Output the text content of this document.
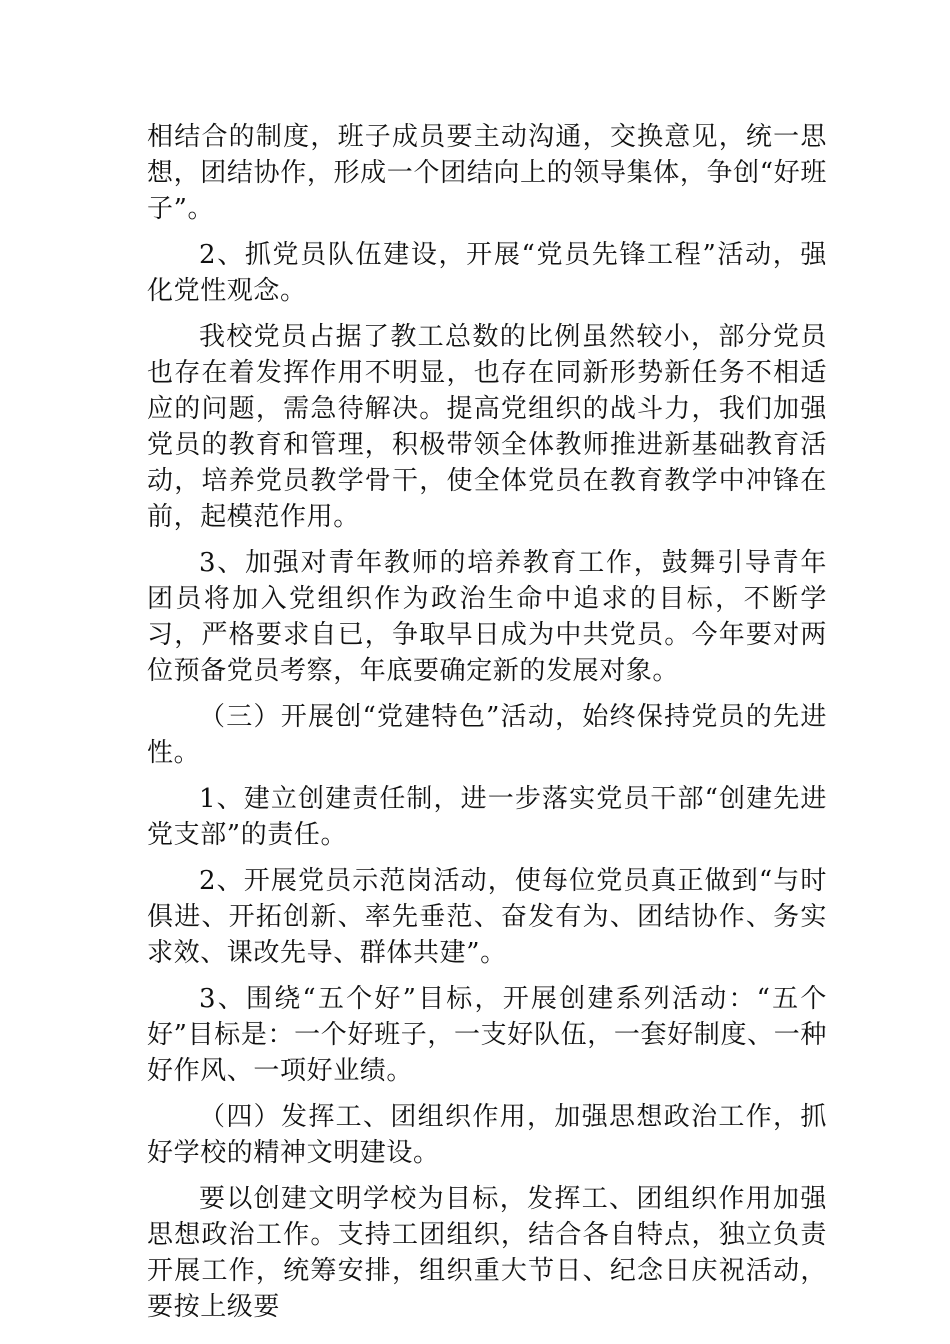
相结合的制度，班子成员要主动沟通，交换意见，统一思想，团结协作，形成一个团结向上的领导集体，争创“好班子”。

2、抓党员队伍建设，开展“党员先锋工程”活动，强化党性观念。

我校党员占据了教工总数的比例虽然较小，部分党员也存在着发挥作用不明显，也存在同新形势新任务不相适应的问题，需急待解决。提高党组织的战斗力，我们加强党员的教育和管理，积极带领全体教师推进新基础教育活动，培养党员教学骨干，使全体党员在教育教学中冲锋在前，起模范作用。

3、加强对青年教师的培养教育工作，鼓舞引导青年团员将加入党组织作为政治生命中追求的目标，不断学习，严格要求自已，争取早日成为中共党员。今年要对两位预备党员考察，年底要确定新的发展对象。

（三）开展创“党建特色”活动，始终保持党员的先进性。

1、建立创建责任制，进一步落实党员干部“创建先进党支部”的责任。

2、开展党员示范岗活动，使每位党员真正做到“与时俱进、开拓创新、率先垂范、奋发有为、团结协作、务实求效、课改先导、群体共建”。

3、围绕“五个好”目标，开展创建系列活动：“五个好”目标是：一个好班子，一支好队伍，一套好制度、一种好作风、一项好业绩。

（四）发挥工、团组织作用，加强思想政治工作，抓好学校的精神文明建设。

要以创建文明学校为目标，发挥工、团组织作用加强思想政治工作。支持工团组织，结合各自特点，独立负责开展工作，统筹安排，组织重大节日、纪念日庆祝活动，要按上级要
